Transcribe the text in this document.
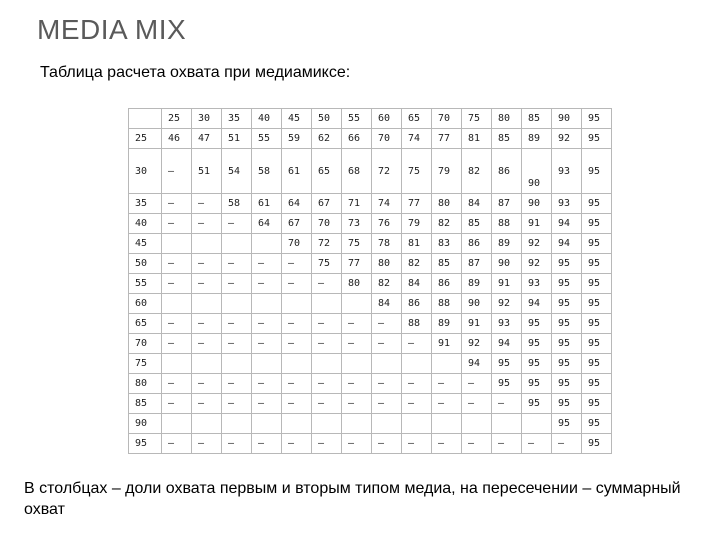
MEDIA MIX
Таблица расчета охвата при медиамиксе:
	25	30	35	40	45	50	55	60	65	70	75	80	85	90	95
25	46	47	51	55	59	62	66	70	74	77	81	85	89	92	95
30	—	51	54	58	61	65	68	72	75	79	82	86	90	93	95
35	—	—	58	61	64	67	71	74	77	80	84	87	90	93	95
40	—	—	—	64	67	70	73	76	79	82	85	88	91	94	95
45					70	72	75	78	81	83	86	89	92	94	95
50	—	—	—	—	—	75	77	80	82	85	87	90	92	95	95
55	—	—	—	—	—	—	80	82	84	86	89	91	93	95	95
60								84	86	88	90	92	94	95	95
65	—	—	—	—	—	—	—	—	88	89	91	93	95	95	95
70	—	—	—	—	—	—	—	—	—	91	92	94	95	95	95
75											94	95	95	95	95
80	—	—	—	—	—	—	—	—	—	—	—	95	95	95	95
85	—	—	—	—	—	—	—	—	—	—	—	—	95	95	95
90														95	95
95	—	—	—	—	—	—	—	—	—	—	—	—	—	—	95
В столбцах – доли охвата первым и вторым типом медиа, на пересечении – суммарный охват
